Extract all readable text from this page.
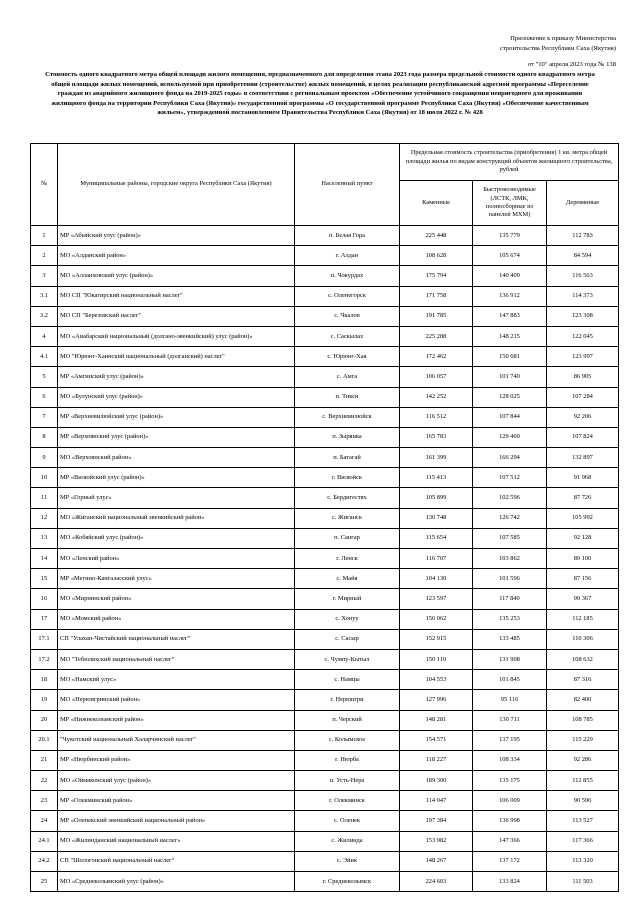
Приложение к приказу Министерства
строительства Республики Саха (Якутия)
от "10" апреля 2023 года № 138
Стоимость одного квадратного метра общей площади жилого помещения, предназначенного для определения этапа 2023 года размера предельной стоимости одного квадратного метра общей площади жилых помещений, используемой при приобретении (строительстве) жилых помещений, в целях реализации республиканской адресной программы «Переселение граждан из аварийного жилищного фонда на 2019-2025 годы» в соответствии с региональным проектом «Обеспечение устойчивого сокращения непригодного для проживания жилищного фонда на территории Республики Саха (Якутия)» государственной программы «О государственной программе Республики Саха (Якутия) «Обеспечение качественным жильем», утвержденной постановлением Правительства Республики Саха (Якутия) от 18 июля 2022 г. № 428
№	Муниципальные районы, городские округа Республики Саха (Якутия)	Населенный пункт	Предельная стоимость строительства (приобретения) 1 кв. метра общей площади жилья по видам конструкций объектов жилищного строительства, рублей		
			Каменные	Быстровозводимые (ЛСТК, ЛМК, полносборные из панелей МХМ)	Деревянные
1	МР «Абыйский улус (район)»	п. Белая Гора	225 448	135 779	112 783
2	МО «Алданский район»	г. Алдан	108 628	105 674	84 594
3	МО «Аллаиховский улус (район)»	п. Чокурдах	175 794	140 409	116 563
3.1	МО СП "Юкагирский национальный наслег"	с. Оленегорск	171 758	136 912	114 373
3.2	МО СП "Березовский наслег"	с. Чкалов	191 785	147 883	123 308
4	МО «Анабарский национальный (долгано-эвенкийский) улус (район)»	с. Саскылах	225 288	148 215	122 045
4.1	МО "Юрюнг-Хаинский национальный (долганский) наслег"	с. Юрюнг-Хая	172 462	150 681	123 997
5	МР «Амгинский улус (район)»	с. Амга	106 057	101 740	86 905
6	МО «Булунский улус (район)»	п. Тикси	142 252	128 025	107 284
7	МР «Верхневилюйский улус (район)»	с. Верхневилюйск	116 512	107 844	92 206
8	МР «Верхоянский улус (район)»	п. Зырянка	165 783	129 469	107 824
9	МО «Верхоянский район»	п. Батагай	161 399	166 294	132 897
10	МР «Вилюйский улус (район)»	г. Вилюйск	115 413	107 512	91 968
11	МР «Горный улус»	с. Бердигестях	105 899	102 596	87 726
12	МО «Жиганский национальный эвенкийский район»	с. Жиганск	130 748	126 742	105 992
13	МО «Кобяйский улус (район)»	п. Сангар	115 654	107 585	92 128
14	МО «Ленский район»	г. Ленск	116 707	103 862	89 100
15	МР «Мегино-Кангаласский улус»	с. Майя	104 130	101 596	87 156
16	МО «Мирнинский район»	г. Мирный	123 597	117 840	99 367
17	МО «Момский район»	с. Хонуу	156 062	135 253	112 185
17.1	СП "Улахан-Чистайский национальный наслег"	с. Сасыр	152 915	133 485	110 306
17.2	МО "Тебюляхский национальный наслег"	с. Чумпу-Кытыл	150 110	131 908	108 632
18	МО «Намский улус»	с. Намцы	104 553	101 845	87 316
19	МО «Нерюнгринский район»	г. Нерюнгри	127 996	95 116	82 400
20	МР «Нижнеколымский район»	п. Черский	148 281	130 711	108 785
20.1	"Чукотский национальный Халарчинский наслег"	с. Колымское	154 571	137 195	115 229
21	МР «Нюрбинский район»	г. Нюрба	118 227	108 334	92 286
22	МО «Оймяконский улус (район)»	п. Усть-Нера	189 300	135 175	112 855
23	МР «Олекминский район»	г. Олекминск	114 047	106 009	90 596
24	МР «Оленекский эвенкийский национальный район»	с. Оленек	197 384	136 998	113 527
24.1	МО «Жилинданский национальный наслег»	с. Жилинда	153 982	147 366	117 366
24.2	СП "Шологонский национальный наслег"	с. Эйик	148 267	137 172	113 320
25	МО «Среднеколымский улус (район)»	г. Среднеколымск	224 603	133 824	111 503
